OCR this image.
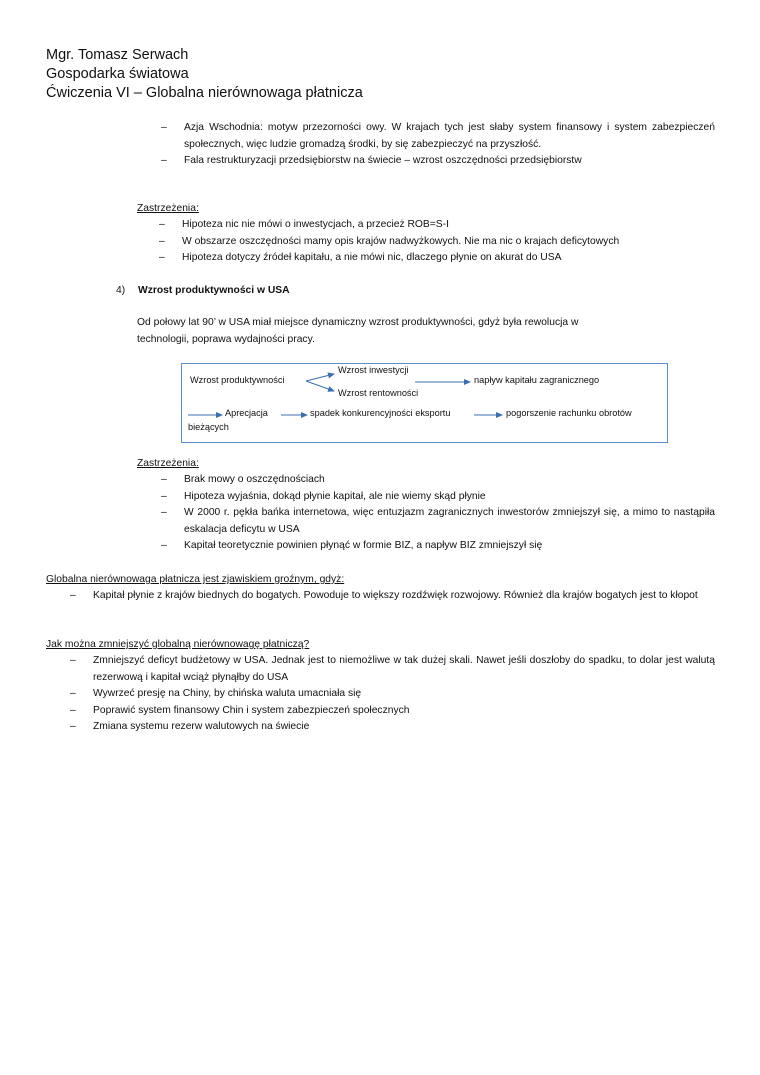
Mgr. Tomasz Serwach
Gospodarka światowa
Ćwiczenia VI – Globalna nierównowaga płatnicza
– Azja Wschodnia: motyw przezorności owy. W krajach tych jest słaby system finansowy i system zabezpieczeń społecznych, więc ludzie gromadzą środki, by się zabezpieczyć na przyszłość.
– Fala restrukturyzacji przedsiębiorstw na świecie – wzrost oszczędności przedsiębiorstw
Zastrzeżenia:
– Hipoteza nic nie mówi o inwestycjach, a przecież ROB=S-I
– W obszarze oszczędności mamy opis krajów nadwyżkowych. Nie ma nic o krajach deficytowych
– Hipoteza dotyczy źródeł kapitału, a nie mówi nic, dlaczego płynie on akurat do USA
4) Wzrost produktywności w USA
Od połowy lat 90’ w USA miał miejsce dynamiczny wzrost produktywności, gdyż była rewolucja w
technologii, poprawa wydajności pracy.
Wzrost produktywności
Wzrost inwestycji
Wzrost rentowności
napływ kapitału zagranicznego
Aprecjacja	spadek konkurencyjności eksportu	pogorszenie rachunku obrotów
bieżących
Zastrzeżenia:
– Brak mowy o oszczędnościach
– Hipoteza wyjaśnia, dokąd płynie kapitał, ale nie wiemy skąd płynie
– W 2000 r. pękła bańka internetowa, więc entuzjazm zagranicznych inwestorów zmniejszył się, a mimo to nastąpiła eskalacja deficytu w USA
– Kapitał teoretycznie powinien płynąć w formie BIZ, a napływ BIZ zmniejszył się
Globalna nierównowaga płatnicza jest zjawiskiem groźnym, gdyż:
– Kapitał płynie z krajów biednych do bogatych. Powoduje to większy rozdźwięk rozwojowy. Również dla krajów bogatych jest to kłopot
Jak można zmniejszyć globalną nierównowagę płatniczą?
– Zmniejszyć deficyt budżetowy w USA. Jednak jest to niemożliwe w tak dużej skali. Nawet jeśli doszłoby do spadku, to dolar jest walutą rezerwową i kapitał wciąż płynąłby do USA
– Wywrzeć presję na Chiny, by chińska waluta umacniała się
– Poprawić system finansowy Chin i system zabezpieczeń społecznych
– Zmiana systemu rezerw walutowych na świecie
